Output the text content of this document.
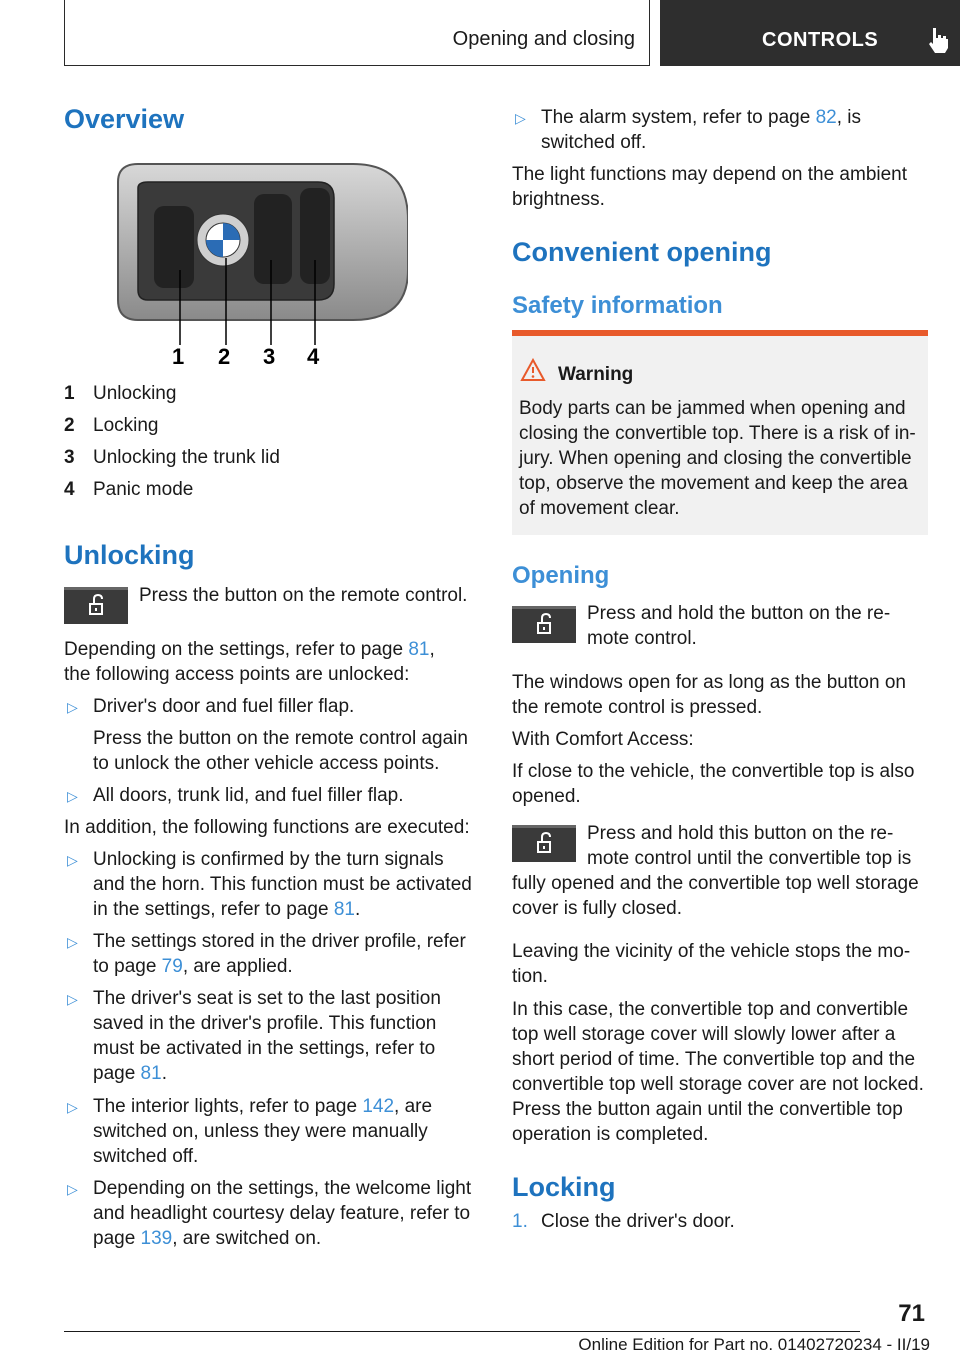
Opening and closing	CONTROLS
Overview
1 2 3 4
1 Unlocking
2 Locking
3 Unlocking the trunk lid
4 Panic mode
Unlocking
Press the button on the remote control.
Depending on the settings, refer to page 81,
the following access points are unlocked:
▷ Driver's door and fuel filler flap.
Press the button on the remote control again
to unlock the other vehicle access points.
▷ All doors, trunk lid, and fuel filler flap.
In addition, the following functions are executed:
▷ Unlocking is confirmed by the turn signals
and the horn. This function must be activated
in the settings, refer to page 81.
▷ The settings stored in the driver profile, refer
to page 79, are applied.
▷ The driver's seat is set to the last position
saved in the driver's profile. This function
must be activated in the settings, refer to
page 81.
▷ The interior lights, refer to page 142, are
switched on, unless they were manually
switched off.
▷ Depending on the settings, the welcome light
and headlight courtesy delay feature, refer to
page 139, are switched on.
▷ The alarm system, refer to page 82, is
switched off.
The light functions may depend on the ambient
brightness.
Convenient opening
Safety information
Warning
Body parts can be jammed when opening and
closing the convertible top. There is a risk of in-
jury. When opening and closing the convertible
top, observe the movement and keep the area
of movement clear.
Opening
Press and hold the button on the re-
mote control.
The windows open for as long as the button on
the remote control is pressed.
With Comfort Access:
If close to the vehicle, the convertible top is also
opened.
Press and hold this button on the re-
mote control until the convertible top is
fully opened and the convertible top well storage
cover is fully closed.
Leaving the vicinity of the vehicle stops the mo-
tion.
In this case, the convertible top and convertible
top well storage cover will slowly lower after a
short period of time. The convertible top and the
convertible top well storage cover are not locked.
Press the button again until the convertible top
operation is completed.
Locking
1. Close the driver's door.
71
Online Edition for Part no. 01402720234 - II/19
